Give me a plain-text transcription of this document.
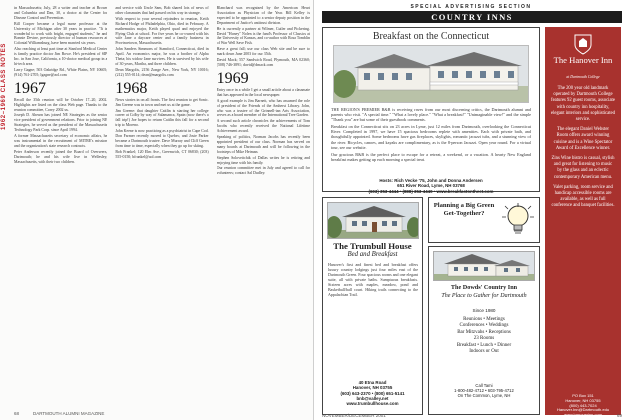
1962–1969 CLASS NOTES

in Massachusetts; July, 28 a writer and teacher at Brown and Columbia and Dan, 30, a doctor at the Center for Disease Control and Prevention.

Bill Cooper became a legal nurse professor at the University of Michigan after 30 years in practice. "It is wonderful to work with bright, engaged students," he and Bonnie Devine, previously director of human resources at Colonial Williamsburg, have been married six years.

Also reaching at least part time at Stanford Medical Center is family practice doctor Jim Rowe. He's president of SIP Inc. in San Jose, California, a 10-doctor medical group in a hi-tech area.

Larry Gagne; 503 Oakridge Rd., White Plains, NY 10605; (914) 761-2705; lgagne@aol.com

1967

Recall the 35th reunion will be October 17–20, 2002. Highlights are listed on the class Web page. Thanks to the reunion committee, Corey 2002 us.

Joseph D. Ahearn has joined NE Strategies as the senior vice president of government relations. Prior to joining NE Strategies, he served as the president of the Massachusetts Technology Park Corp. since April 1994.

A former Massachusetts secretary of economic affairs, he was instrumental in the recruitment of MITRE's mission and the organization's state research contracts.

Peter Anderson recently joined the Board of Overseers, Dartmouth; he and his wife live in Wellesley, Massachusetts, with their two children.

and service with Uncle Sam, Bob shared lots of news of other classmates that had passed on his way in strange.

With respect to your several rejoinders to reunion, Keith Richard Hodge of Philadelphia, Ohio, died in February. A mathematics major, Keith played quad and enjoyed the Flying Club at school. For five years he co-owned with his wife Jane a daycare center and a family business in Provincetown, Massachusetts.

John Sanders Simmons of Stamford, Connecticut, died in April. An economics major, he was a brother of Alpha Theta; his widow Jane survives. He is survived by his wife of 30 years, Martha, and three children.

Dean Margolis, 2156 Zonge Ave., New York, NY 10016; (212) 555-0114; dean@margolis.com

1968

News stories in on all fronts. The first reunion to get Sonic. Jim Greene was in town and met us at the game.

Jim Greene: that daughter Caitlin is starting her college career at Colby by way of Salamanca, Spain (now there's a fall trip!) Joe hopes to return Caitlin this fall for a second trip to Moreno.

John Keene is now practicing as a psychiatrist in Cape Cod. Don Farmer recently moved to Quebec, and Josie Parker became a Dartmouth trustee. Dave Murray and Cliff Green from time to time, especially when they go up for skiing.

Bob Frankel; 120 Elm Ave., Greenwich, CT 06830; (203) 555-0150; bfrankel@aol.com

Blanchard was recognized by the American Heart Association as Physician of the Year. Bill Kelley is expected to be appointed to a senior deputy position in the Department of Justice's antitrust division.

He is currently a partner at Wilmer, Cutler and Pickering. David "Honey" Nolen is the fund's Professor of Classics at the University of Kansas, and co-author with Rosa Tomblin of War Well Save Fish.

Have a great fall; use our class Web site and be sure to mark down June 2003 for our 35th.

David Mack; 557 Sandwich Road, Plymouth, MA 02360; (508) 746-3891; david@dmack.com

1969

Entry once in a while I get a small article about a classmate that has appeared in the local newspaper.

A good example is Jim Barnett, who has assumed the role of president of the Friends of the Amherst Library. John, who was a trustee of the Grinnell-ian Arts Association, serves as a board member of the International Tree Garden.

A second such article chronicles the achievements of Tom Jacobs who recently received the National Lifetime Achievement award.

Speaking of politics, Norman Jacobs has recently been appointed president of our class. Norman has served on many boards at Dartmouth and will be following in the footsteps of Mike Heiman.

Stephen Soloveitchik of Dallas writes he is retiring and enjoying time with his family.

Our reunion committee met in July and agreed to call for volunteers; contact Sal Dudley.

68	DARTMOUTH ALUMNI MAGAZINE
SPECIAL ADVERTISING SECTION
COUNTRY INNS
Breakfast on the Connecticut

THE REGION'S PREMIER B&B is receiving raves from our most discerning critics, the Dartmouth alumni and parents who visit. "A special time." "What a lovely place." "What a breakfast!" "Unimaginable view!" and the simple "Thank you" are but some of their guestbook comments.

Breakfast on the Connecticut sits on 23 acres in Lyme, just 12 miles from Dartmouth, overlooking the Connecticut River. Completed in 1997, we have 15 spacious bedrooms replete with amenities. Each with private bath, and thoughtfully appointed. Some bedrooms have gas fireplaces, skylights, romantic jacuzzi tubs, and a stunning view of the river. Bicycles, canoes, and kayaks are complimentary, as is the 8-person Jacuzzi. Open year round. For a virtual tour, see our website.

Our gracious B&B is the perfect place to escape for a retreat, a weekend, or a vacation. A hearty New England breakfast makes getting up each morning a special treat.

Hosts: Rich Vecke '75, John and Donna Andersen
651 River Road, Lyme, NH 03768
(603) 353-4444 • (888) 353-4440 • www.breakfastonthect.com
The Hanover Inn
at Dartmouth College

The 200 year old landmark operated by Dartmouth College features 92 guest rooms, associate with country inn hospitality, elegant interiors and sophisticated service.

The elegant Daniel Webster Room offers award winning cuisine and is a Wine Spectator Award of Excellence winner.

Zins Wine bistro is casual, stylish and great for listening to music by the glass and an eclectic contemporary American menu.

Valet parking, room service and handicap accessible rooms are available, as well as full conference and banquet facilities.

PO Box 151
Hanover, NH 03755
(800) 443-7024
Hanover.Inn@Dartmouth.edu
www.hanoverinn.com
The Trumbull House
Bed and Breakfast
Hanover's first and finest bed and breakfast offers luxury country lodgings just four miles east of the Dartmouth Green. Four spacious rooms and one elegant suite, all with private baths. Sumptuous breakfasts. Sixteen acres with maples, meadow, pond and Basketball/ball court. Hiking trails connecting to the Appalachian Trail.
40 Etna Road
Hanover, NH 03755
(603) 643-2370 • (800) 651-5141
bnb@valley.net
www.trumbullhouse.com
Planning a Big Green Get-Together?
The Dowds' Country Inn
The Place to Gather for Dartmouth
Since 1980
Reunions • Meetings
Conferences • Weddings
Bar Mitzvahs • Receptions
23 Rooms
Breakfast • Lunch • Dinner
Indoors or Out
Call Tami
1-800-482-4712 • 603-795-4712
On The Common, Lyme, NH
NOVEMBER/DECEMBER 2001	69
